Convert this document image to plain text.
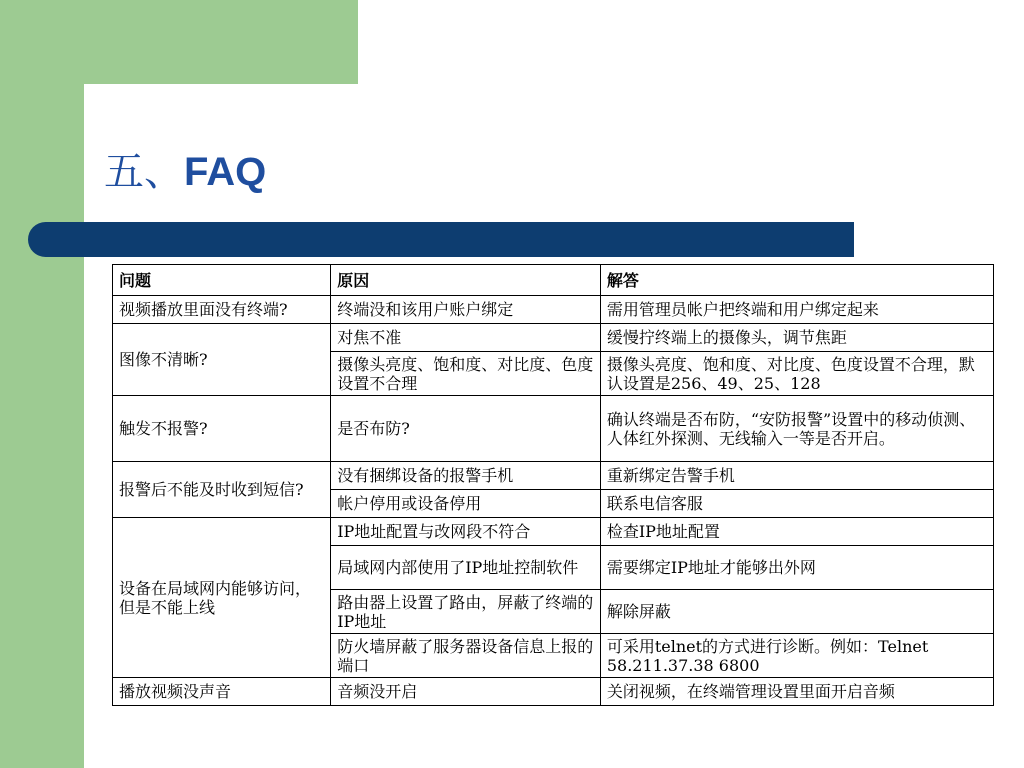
五、FAQ
问题	原因	解答
视频播放里面没有终端?	终端没和该用户账户绑定	需用管理员帐户把终端和用户绑定起来
图像不清晰?	对焦不准	缓慢拧终端上的摄像头，调节焦距
	摄像头亮度、饱和度、对比度、色度设置不合理	摄像头亮度、饱和度、对比度、色度设置不合理，默认设置是256、49、25、128
触发不报警?	是否布防?	确认终端是否布防，“安防报警”设置中的移动侦测、人体红外探测、无线输入一等是否开启。
报警后不能及时收到短信?	没有捆绑设备的报警手机	重新绑定告警手机
	帐户停用或设备停用	联系电信客服
设备在局域网内能够访问，但是不能上线	IP地址配置与改网段不符合	检查IP地址配置
	局域网内部使用了IP地址控制软件	需要绑定IP地址才能够出外网
	路由器上设置了路由，屏蔽了终端的IP地址	解除屏蔽
	防火墙屏蔽了服务器设备信息上报的端口	可采用telnet的方式进行诊断。例如：Telnet 58.211.37.38 6800
播放视频没声音	音频没开启	关闭视频，在终端管理设置里面开启音频
